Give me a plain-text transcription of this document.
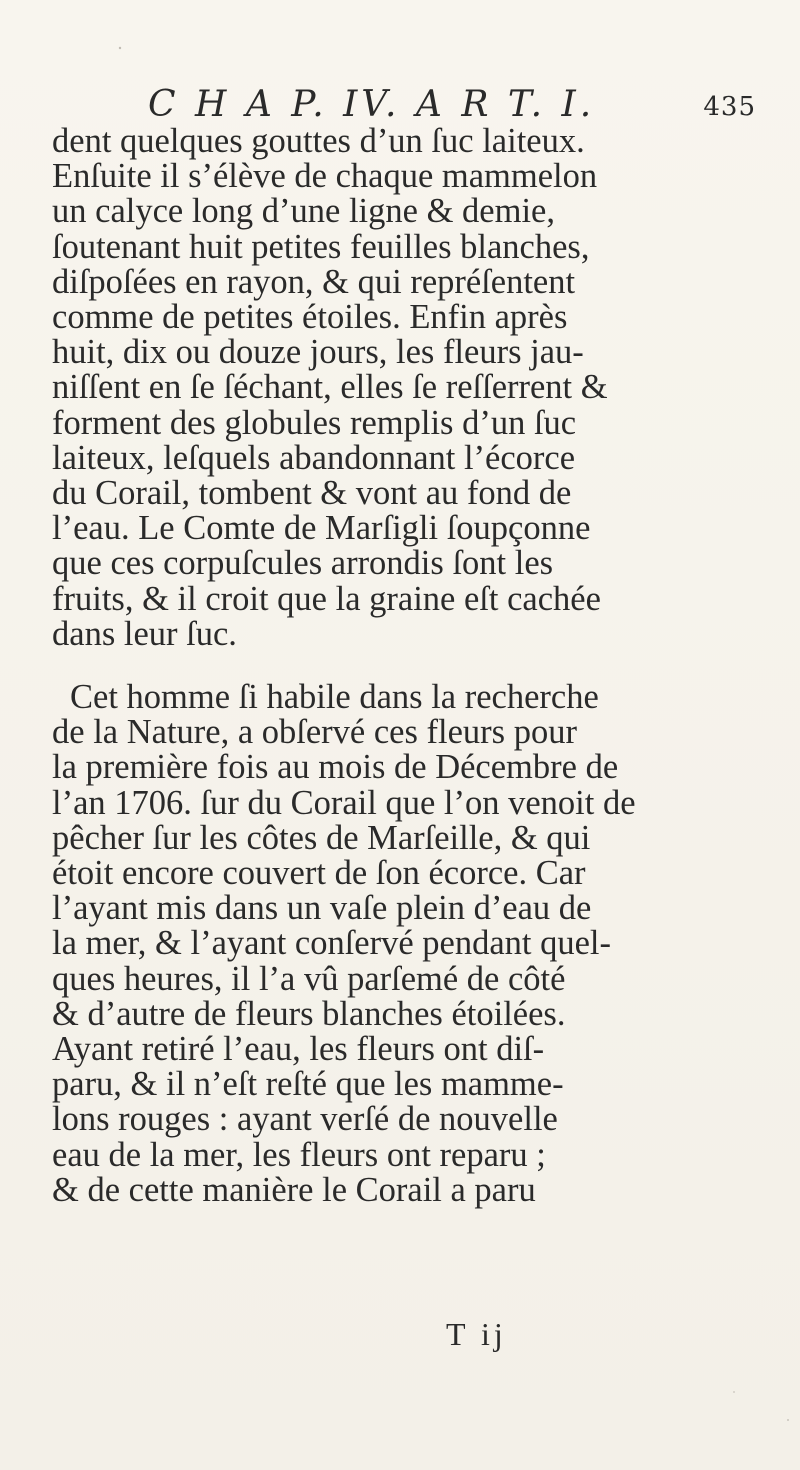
C H A P. IV. A R T. I.	435
dent quelques gouttes d’un ſuc laiteux.
Enſuite il s’élève de chaque mammelon
un calyce long d’une ligne & demie,
ſoutenant huit petites feuilles blanches,
diſpoſées en rayon, & qui repréſentent
comme de petites étoiles. Enfin après
huit, dix ou douze jours, les fleurs jau-
niſſent en ſe ſéchant, elles ſe reſſerrent &
forment des globules remplis d’un ſuc
laiteux, leſquels abandonnant l’écorce
du Corail, tombent & vont au fond de
l’eau. Le Comte de Marſigli ſoupçonne
que ces corpuſcules arrondis ſont les
fruits, & il croit que la graine eſt cachée
dans leur ſuc.
Cet homme ſi habile dans la recherche
de la Nature, a obſervé ces fleurs pour
la première fois au mois de Décembre de
l’an 1706. ſur du Corail que l’on venoit de
pêcher ſur les côtes de Marſeille, & qui
étoit encore couvert de ſon écorce. Car
l’ayant mis dans un vaſe plein d’eau de
la mer, & l’ayant conſervé pendant quel-
ques heures, il l’a vû parſemé de côté
& d’autre de fleurs blanches étoilées.
Ayant retiré l’eau, les fleurs ont diſ-
paru, & il n’eſt reſté que les mamme-
lons rouges : ayant verſé de nouvelle
eau de la mer, les fleurs ont reparu ;
& de cette manière le Corail a paru
T ij
